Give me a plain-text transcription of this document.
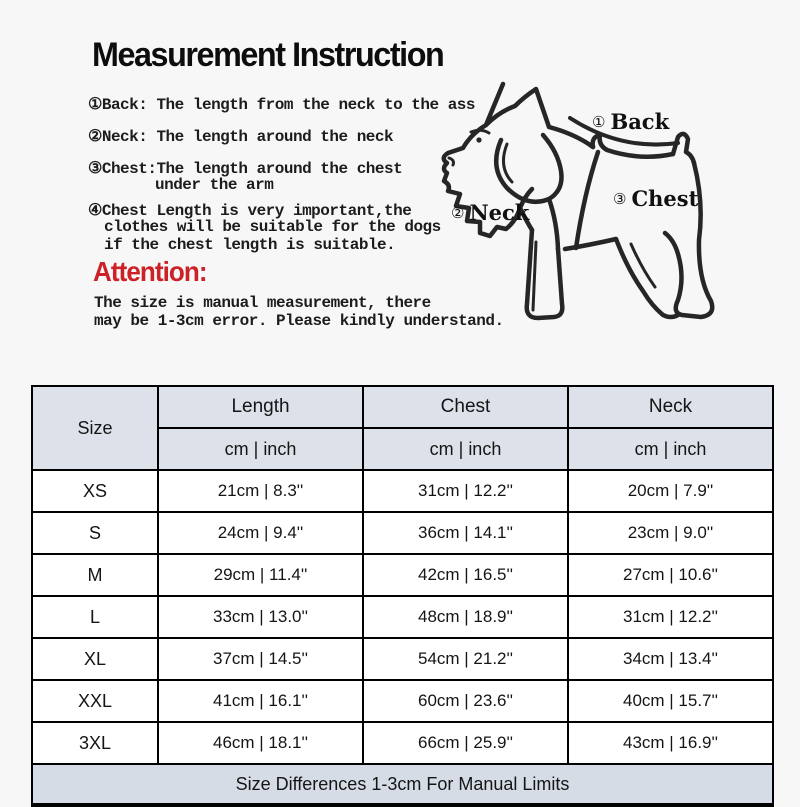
Measurement Instruction
①Back: The length from the neck to the ass
②Neck: The length around the neck
③Chest:The length around the chest
under the arm
④Chest Length is very important,the
clothes will be suitable for the dogs
if the chest length is suitable.
Attention:
The size is manual measurement, there
may be 1-3cm error. Please kindly understand.
① Back
② Neck
③ Chest
Size	Length	Chest	Neck
	cm | inch	cm | inch	cm | inch
XS	21cm | 8.3''	31cm | 12.2''	20cm | 7.9''
S	24cm | 9.4''	36cm | 14.1''	23cm | 9.0''
M	29cm | 11.4''	42cm | 16.5''	27cm | 10.6''
L	33cm | 13.0''	48cm | 18.9''	31cm | 12.2''
XL	37cm | 14.5''	54cm | 21.2''	34cm | 13.4''
XXL	41cm | 16.1''	60cm | 23.6''	40cm | 15.7''
3XL	46cm | 18.1''	66cm | 25.9''	43cm | 16.9''
Size Differences 1-3cm For Manual Limits			
